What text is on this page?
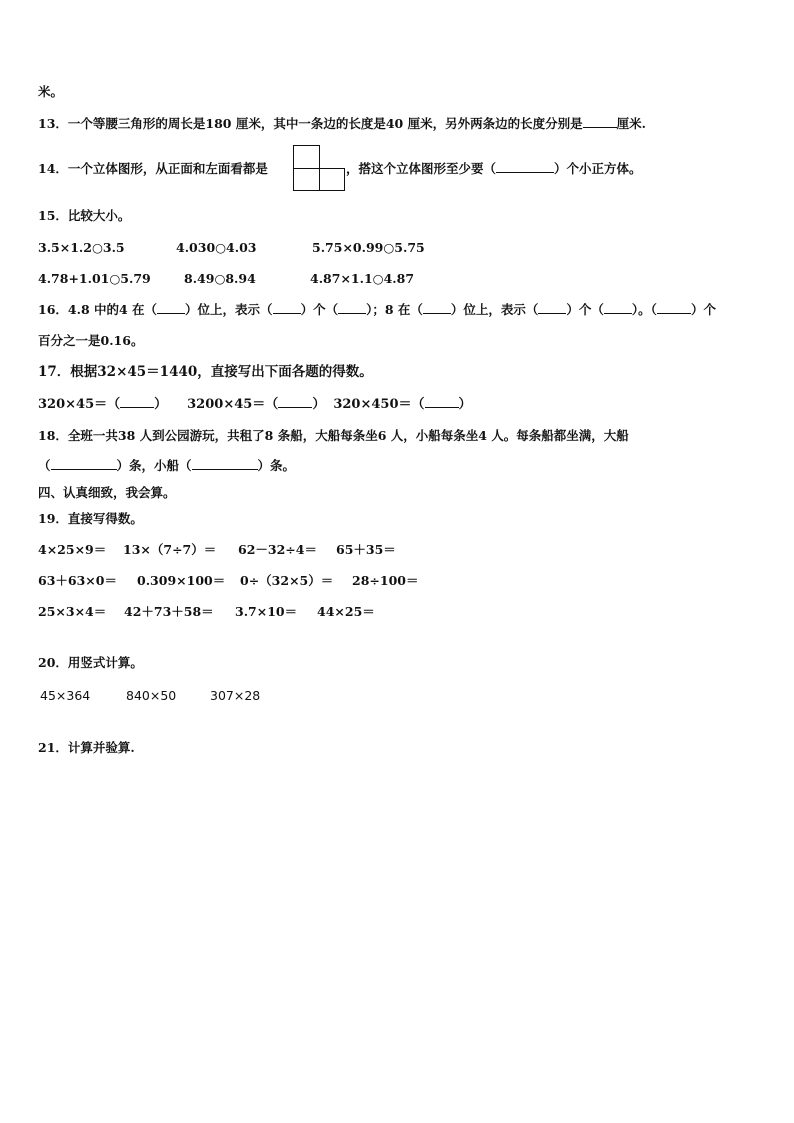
米。
13．一个等腰三角形的周长是180 厘米，其中一条边的长度是40 厘米，另外两条边的长度分别是	厘米.
14．一个立体图形，从正面和左面看都是	，搭这个立体图形至少要（	）个小正方体。
15．比较大小。
3.5×1.2○3.5	4.030○4.03	5.75×0.99○5.75
4.78+1.01○5.79	8.49○8.94	4.87×1.1○4.87
16．4.8 中的4 在（ ）位上，表示（ ）个（ ）；8 在（ ）位上，表示（ ）个（ ）。（	）个
百分之一是0.16。
17．根据32×45＝1440，直接写出下面各题的得数。
320×45＝（	） 3200×45＝（	） 320×450＝（	）
18．全班一共38 人到公园游玩，共租了8 条船，大船每条坐6 人，小船每条坐4 人。每条船都坐满，大船
（	）条，小船（	）条。
四、认真细致，我会算。
19．直接写得数。
4×25×9＝ 13×（7÷7）＝ 62－32÷4＝ 65＋35＝
63＋63×0＝ 0.309×100＝ 0÷（32×5）＝ 28÷100＝
25×3×4＝ 42＋73＋58＝ 3.7×10＝ 44×25＝
20．用竖式计算。
45×364	840×50	307×28
21．计算并验算.
